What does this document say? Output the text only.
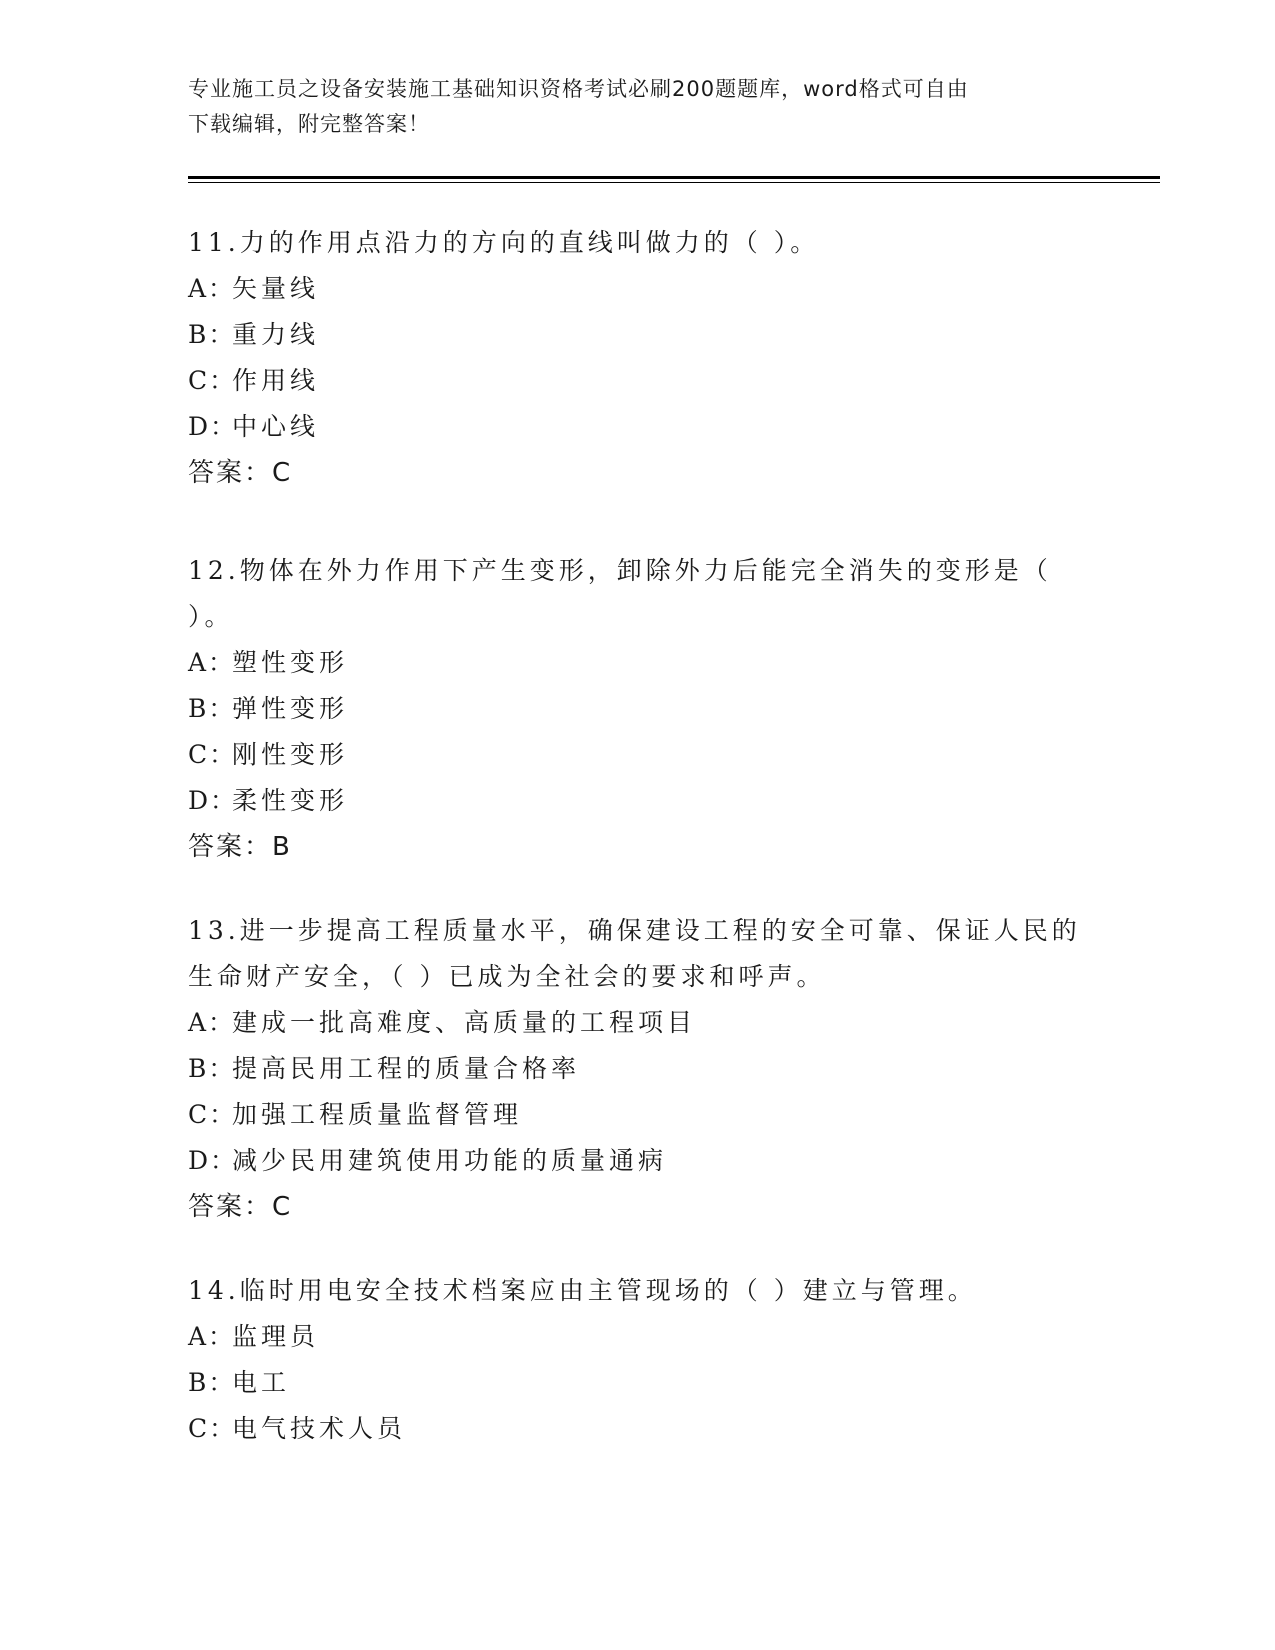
专业施工员之设备安装施工基础知识资格考试必刷200题题库，word格式可自由
下载编辑，附完整答案！

11.力的作用点沿力的方向的直线叫做力的（ ）。

A：矢量线

B：重力线

C：作用线

D：中心线

答案：C

12.物体在外力作用下产生变形，卸除外力后能完全消失的变形是（

）。

A：塑性变形

B：弹性变形

C：刚性变形

D：柔性变形

答案：B

13.进一步提高工程质量水平，确保建设工程的安全可靠、保证人民的

生命财产安全，（ ）已成为全社会的要求和呼声。

A：建成一批高难度、高质量的工程项目

B：提高民用工程的质量合格率

C：加强工程质量监督管理

D：减少民用建筑使用功能的质量通病

答案：C

14.临时用电安全技术档案应由主管现场的（ ）建立与管理。

A：监理员

B：电工

C：电气技术人员
